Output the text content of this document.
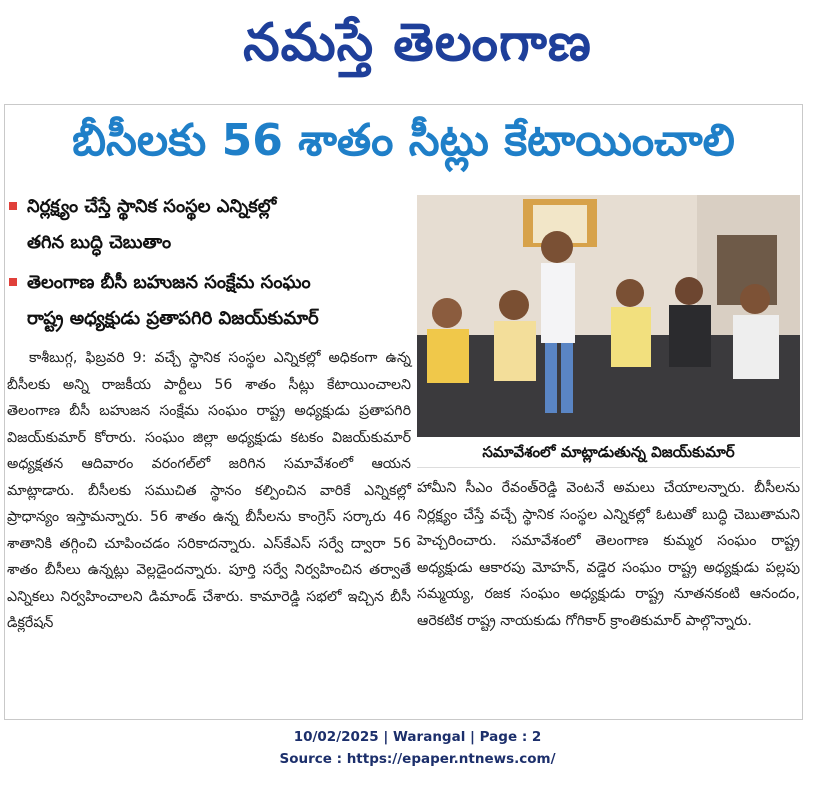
నమస్తే తెలంగాణ
బీసీలకు 56 శాతం సీట్లు కేటాయించాలి
నిర్లక్ష్యం చేస్తే స్థానిక సంస్థల ఎన్నికల్లో
తగిన బుద్ధి చెబుతాం
తెలంగాణ బీసీ బహుజన సంక్షేమ సంఘం
రాష్ట్ర అధ్యక్షుడు ప్రతాపగిరి విజయ్‌కుమార్

కాశీబుగ్గ, ఫిబ్రవరి 9: వచ్చే స్థానిక సంస్థల ఎన్నికల్లో అధికంగా ఉన్న బీసీలకు అన్ని రాజకీయ పార్టీలు 56 శాతం సీట్లు కేటాయించాలని తెలంగాణ బీసీ బహుజన సంక్షేమ సంఘం రాష్ట్ర అధ్యక్షుడు ప్రతాపగిరి విజయ్‌కుమార్ కోరారు. సంఘం జిల్లా అధ్యక్షుడు కటకం విజయ్‌కుమార్ అధ్యక్షతన ఆదివారం వరంగల్‌లో జరిగిన సమావేశంలో ఆయన మాట్లాడారు. బీసీలకు సముచిత స్థానం కల్పించిన వారికే ఎన్నికల్లో ప్రాధాన్యం ఇస్తామన్నారు. 56 శాతం ఉన్న బీసీలను కాంగ్రెస్ సర్కారు 46 శాతానికి తగ్గించి చూపించడం సరికాదన్నారు. ఎస్‌కేఎస్ సర్వే ద్వారా 56 శాతం బీసీలు ఉన్నట్లు వెల్లడైందన్నారు. పూర్తి సర్వే నిర్వహించిన తర్వాతే ఎన్నికలు నిర్వహించాలని డిమాండ్ చేశారు. కామారెడ్డి సభలో ఇచ్చిన బీసీ డిక్లరేషన్

సమావేశంలో మాట్లాడుతున్న విజయ్‌కుమార్

హామీని సీఎం రేవంత్‌రెడ్డి వెంటనే అమలు చేయాలన్నారు. బీసీలను నిర్లక్ష్యం చేస్తే వచ్చే స్థానిక సంస్థల ఎన్నికల్లో ఓటుతో బుద్ధి చెబుతామని హెచ్చరించారు. సమావేశంలో తెలంగాణ కుమ్మర సంఘం రాష్ట్ర అధ్యక్షుడు ఆకారపు మోహన్, వడ్డెర సంఘం రాష్ట్ర అధ్యక్షుడు పల్లపు సమ్మయ్య, రజక సంఘం అధ్యక్షుడు రాష్ట్ర నూతనకంటి ఆనందం, ఆరెకటిక రాష్ట్ర నాయకుడు గోగికార్ క్రాంతికుమార్ పాల్గొన్నారు.

10/02/2025 | Warangal | Page : 2
Source : https://epaper.ntnews.com/
